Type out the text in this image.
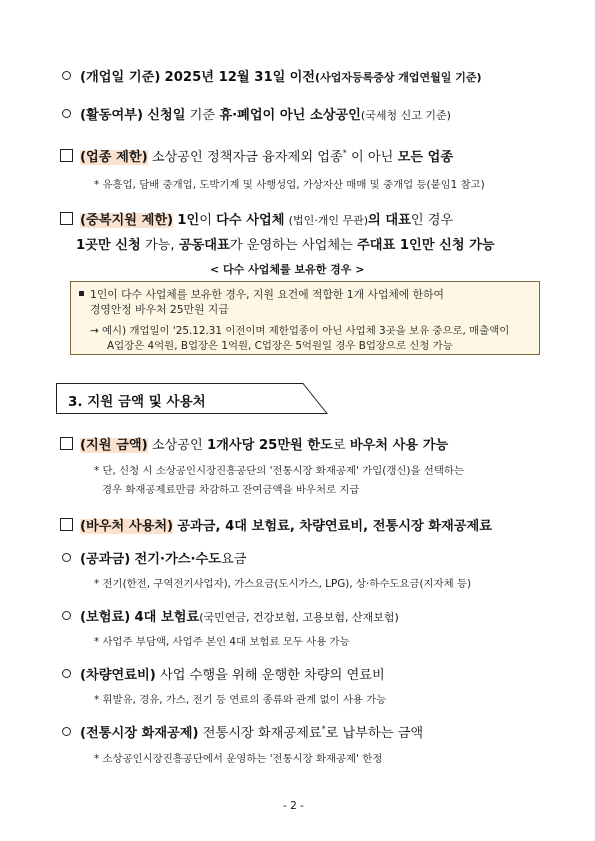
(개업일 기준) 2025년 12월 31일 이전(사업자등록증상 개업연월일 기준)
(활동여부) 신청일 기준 휴·폐업이 아닌 소상공인(국세청 신고 기준)
(업종 제한) 소상공인 정책자금 융자제외 업종* 이 아닌 모든 업종
* 유흥업, 담배 중개업, 도박기계 및 사행성업, 가상자산 매매 및 중개업 등(붙임1 참고)
(중복지원 제한) 1인이 다수 사업체 (법인·개인 무관)의 대표인 경우
1곳만 신청 가능, 공동대표가 운영하는 사업체는 주대표 1인만 신청 가능
< 다수 사업체를 보유한 경우 >
1인이 다수 사업체를 보유한 경우, 지원 요건에 적합한 1개 사업체에 한하여
경영안정 바우처 25만원 지급
→ 예시) 개업일이 '25.12.31 이전이며 제한업종이 아닌 사업체 3곳을 보유 중으로, 매출액이
A업장은 4억원, B업장은 1억원, C업장은 5억원일 경우 B업장으로 신청 가능
3. 지원 금액 및 사용처
(지원 금액) 소상공인 1개사당 25만원 한도로 바우처 사용 가능
* 단, 신청 시 소상공인시장진흥공단의 '전통시장 화재공제' 가입(갱신)을 선택하는
경우 화재공제료만큼 차감하고 잔여금액을 바우처로 지급
(바우처 사용처) 공과금, 4대 보험료, 차량연료비, 전통시장 화재공제료
(공과금) 전기·가스·수도요금
* 전기(한전, 구역전기사업자), 가스요금(도시가스, LPG), 상·하수도요금(지자체 등)
(보험료) 4대 보험료(국민연금, 건강보험, 고용보험, 산재보험)
* 사업주 부담액, 사업주 본인 4대 보험료 모두 사용 가능
(차량연료비) 사업 수행을 위해 운행한 차량의 연료비
* 휘발유, 경유, 가스, 전기 등 연료의 종류와 관계 없이 사용 가능
(전통시장 화재공제) 전통시장 화재공제료*로 납부하는 금액
* 소상공인시장진흥공단에서 운영하는 '전통시장 화재공제' 한정
- 2 -
